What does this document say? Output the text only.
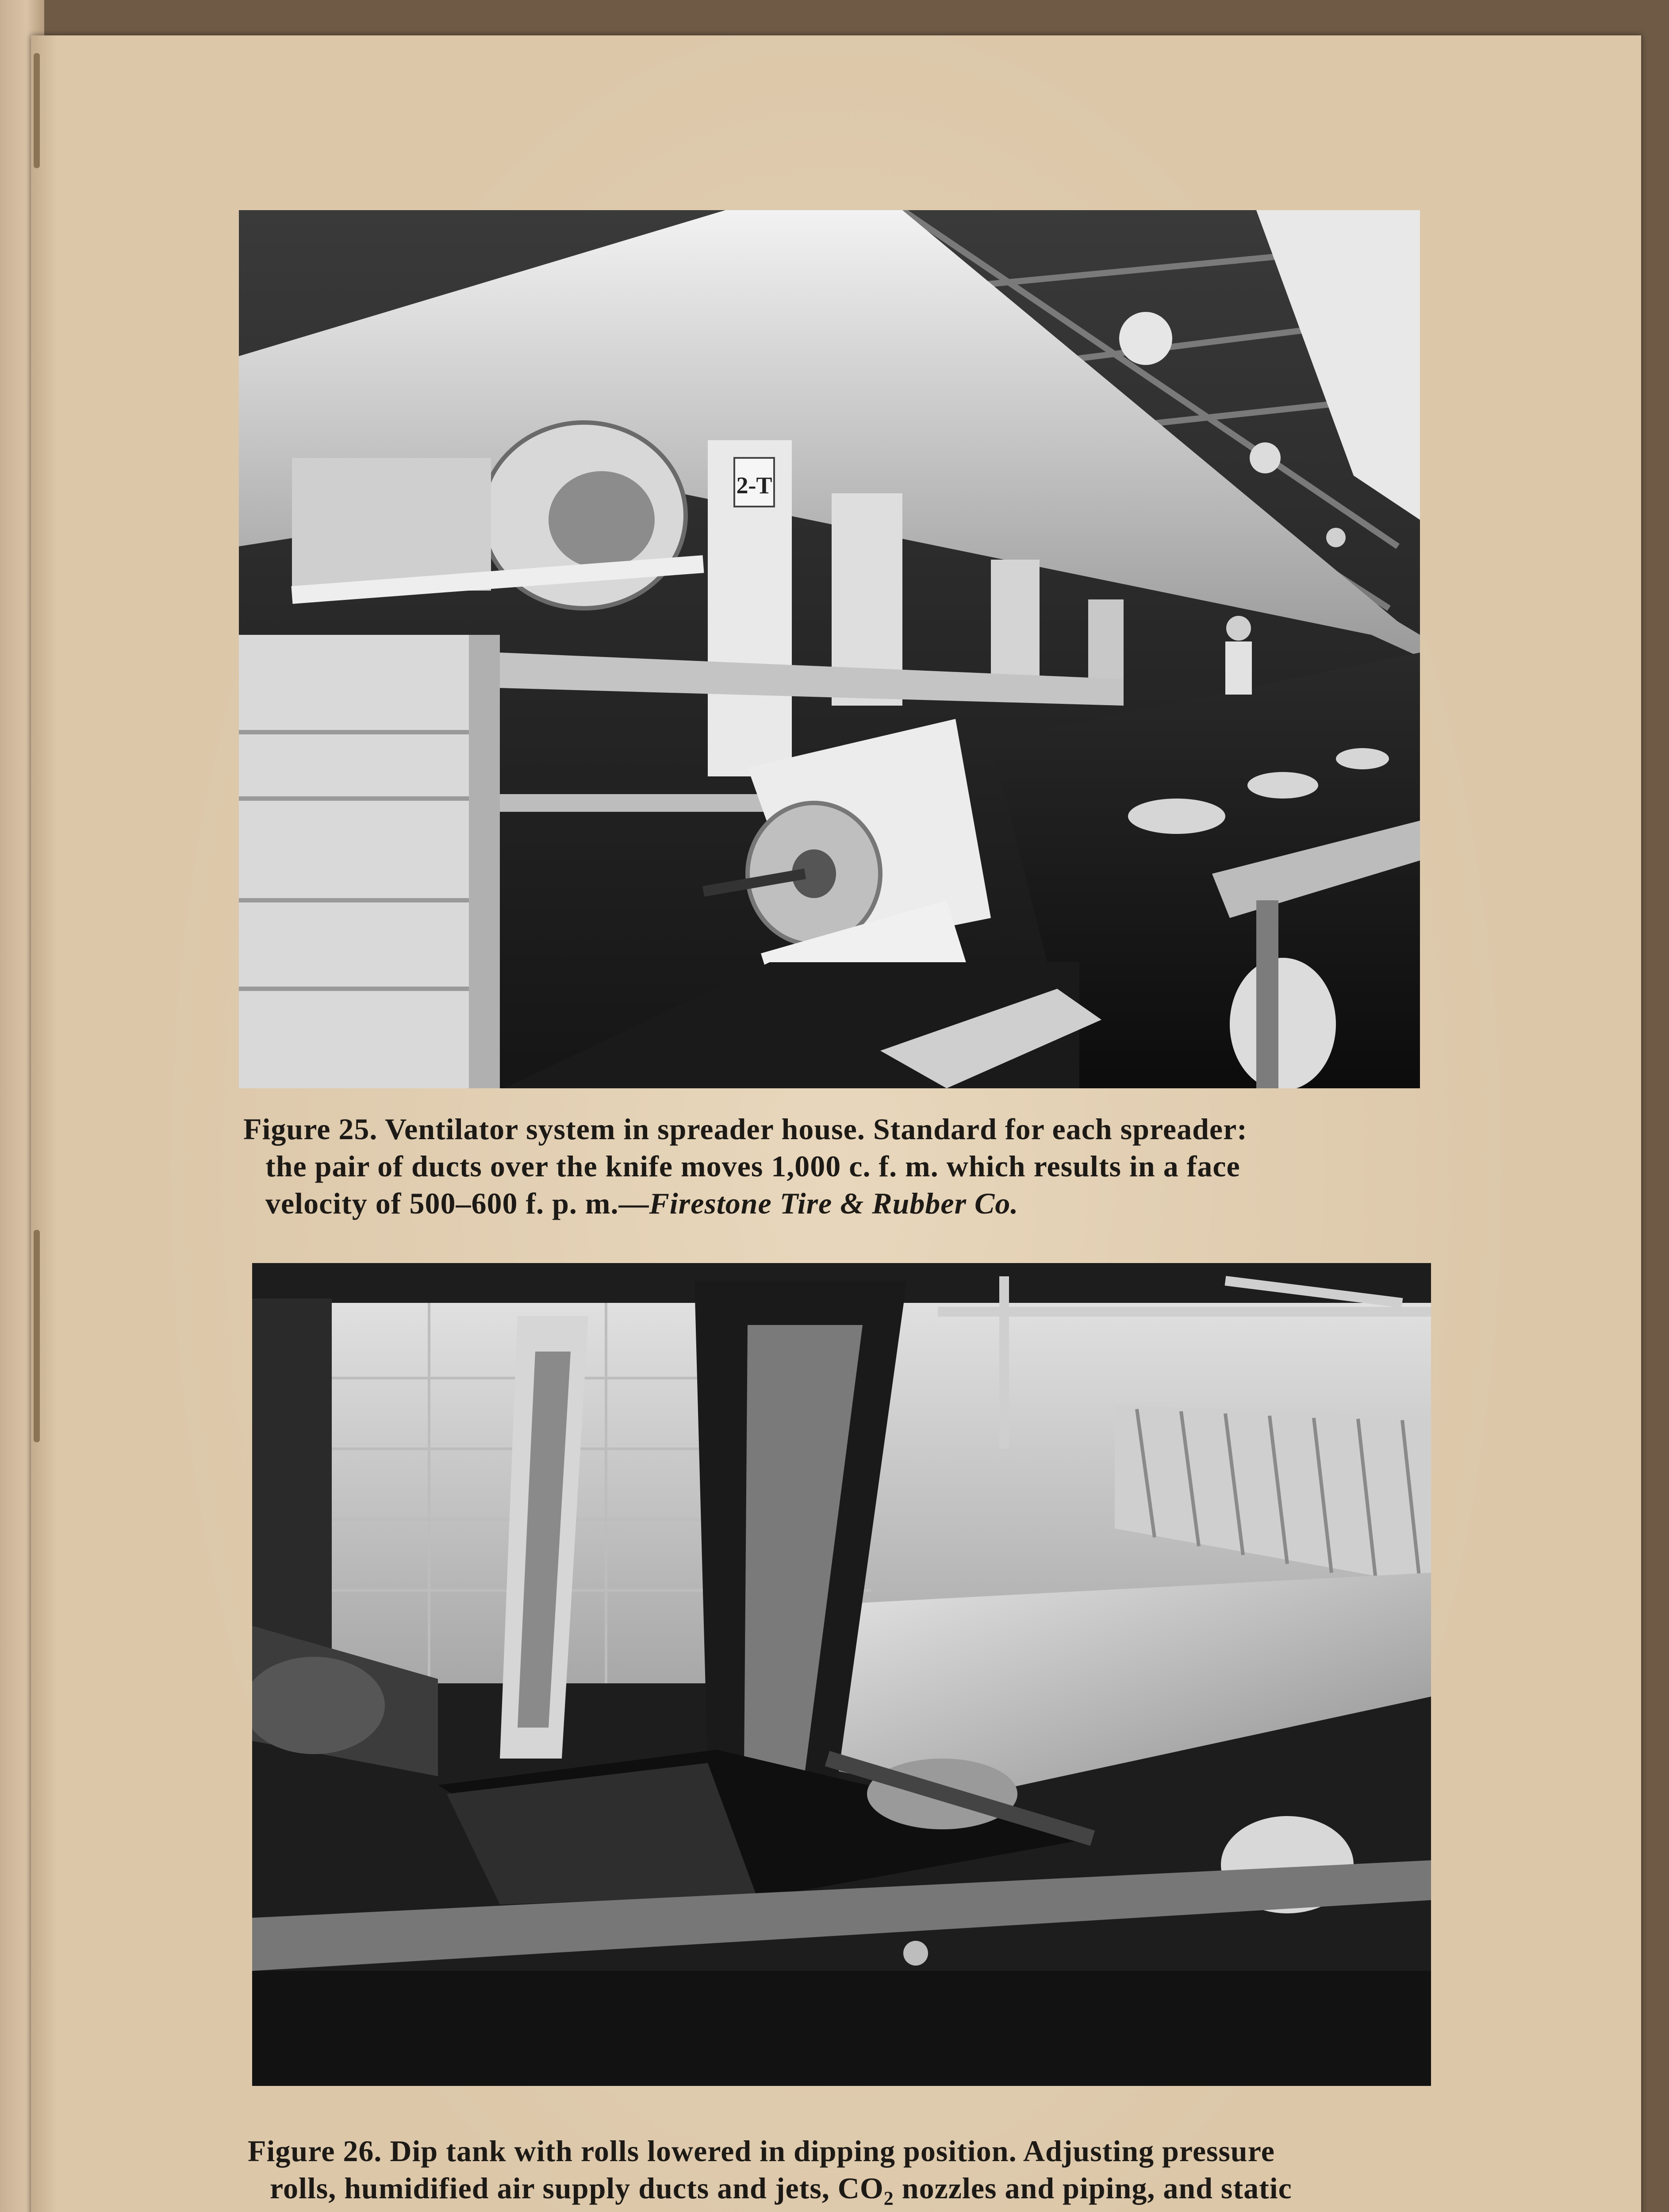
2-T
Figure 25. Ventilator system in spreader house. Standard for each spreader:
the pair of ducts over the knife moves 1,000 c. f. m. which results in a face
velocity of 500–600 f. p. m.—Firestone Tire & Rubber Co.
Figure 26. Dip tank with rolls lowered in dipping position. Adjusting pressure
rolls, humidified air supply ducts and jets, $CO_2$ nozzles and piping, and static
